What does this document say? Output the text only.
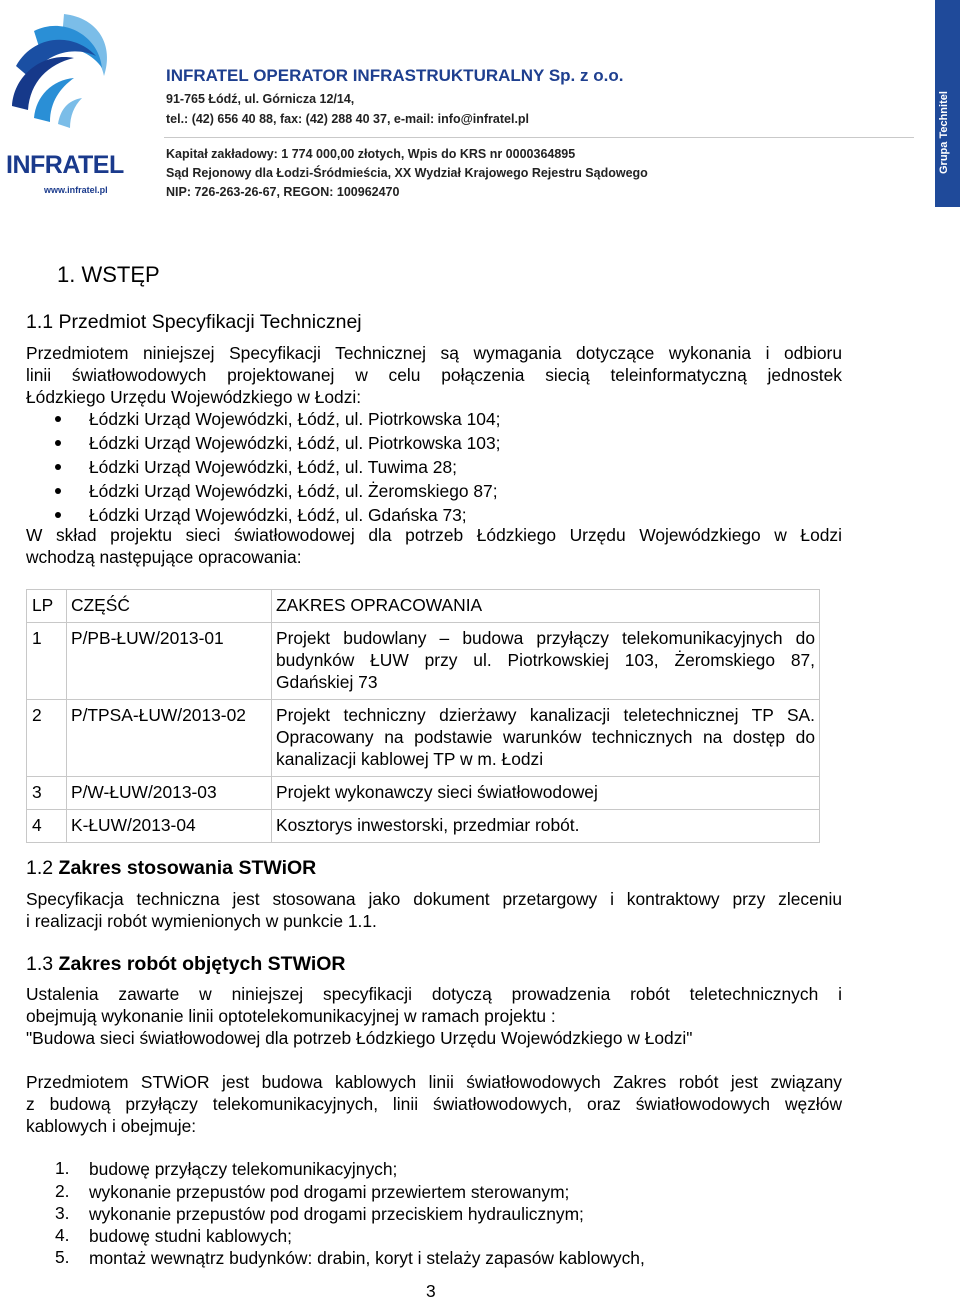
INFRATEL
www.infratel.pl
INFRATEL OPERATOR INFRASTRUKTURALNY Sp. z o.o.
91-765 Łódź, ul. Górnicza 12/14,
tel.: (42) 656 40 88, fax: (42) 288 40 37, e-mail: info@infratel.pl
Kapitał zakładowy: 1 774 000,00 złotych, Wpis do KRS nr 0000364895
Sąd Rejonowy dla Łodzi-Śródmieścia, XX Wydział Krajowego Rejestru Sądowego
NIP: 726-263-26-67, REGON: 100962470
Grupa Technitel
1. WSTĘP
1.1 Przedmiot Specyfikacji Technicznej
Przedmiotem niniejszej Specyfikacji Technicznej są wymagania dotyczące wykonania i odbioru
linii światłowodowych projektowanej w celu połączenia siecią teleinformatyczną jednostek
Łódzkiego Urzędu Wojewódzkiego w Łodzi:
Łódzki Urząd Wojewódzki, Łódź, ul. Piotrkowska 104;
Łódzki Urząd Wojewódzki, Łódź, ul. Piotrkowska 103;
Łódzki Urząd Wojewódzki, Łódź, ul. Tuwima 28;
Łódzki Urząd Wojewódzki, Łódź, ul. Żeromskiego 87;
Łódzki Urząd Wojewódzki, Łódź, ul. Gdańska 73;
W skład projektu sieci światłowodowej dla potrzeb Łódzkiego Urzędu Wojewódzkiego w Łodzi
wchodzą następujące opracowania:
LP	CZĘŚĆ	ZAKRES OPRACOWANIA
1	P/PB-ŁUW/2013-01	Projekt budowlany – budowa przyłączy telekomunikacyjnych do budynków ŁUW przy ul. Piotrkowskiej 103, Żeromskiego 87, Gdańskiej 73
2	P/TPSA-ŁUW/2013-02	Projekt techniczny dzierżawy kanalizacji teletechnicznej TP SA. Opracowany na podstawie warunków technicznych na dostęp do kanalizacji kablowej TP w m. Łodzi
3	P/W-ŁUW/2013-03	Projekt wykonawczy sieci światłowodowej
4	K-ŁUW/2013-04	Kosztorys inwestorski, przedmiar robót.
1.2 Zakres stosowania STWiOR
Specyfikacja techniczna jest stosowana jako dokument przetargowy i kontraktowy przy zleceniu
i realizacji robót wymienionych w punkcie 1.1.
1.3 Zakres robót objętych STWiOR
Ustalenia zawarte w niniejszej specyfikacji dotyczą prowadzenia robót teletechnicznych i
obejmują wykonanie linii optotelekomunikacyjnej w ramach projektu :
"Budowa sieci światłowodowej dla potrzeb Łódzkiego Urzędu Wojewódzkiego w Łodzi"
Przedmiotem STWiOR jest budowa kablowych linii światłowodowych Zakres robót jest związany
z budową przyłączy telekomunikacyjnych, linii światłowodowych, oraz światłowodowych węzłów
kablowych i obejmuje:
1. budowę przyłączy telekomunikacyjnych;
2. wykonanie przepustów pod drogami przewiertem sterowanym;
3. wykonanie przepustów pod drogami przeciskiem hydraulicznym;
4. budowę studni kablowych;
5. montaż wewnątrz budynków: drabin, koryt i stelaży zapasów kablowych,
3
